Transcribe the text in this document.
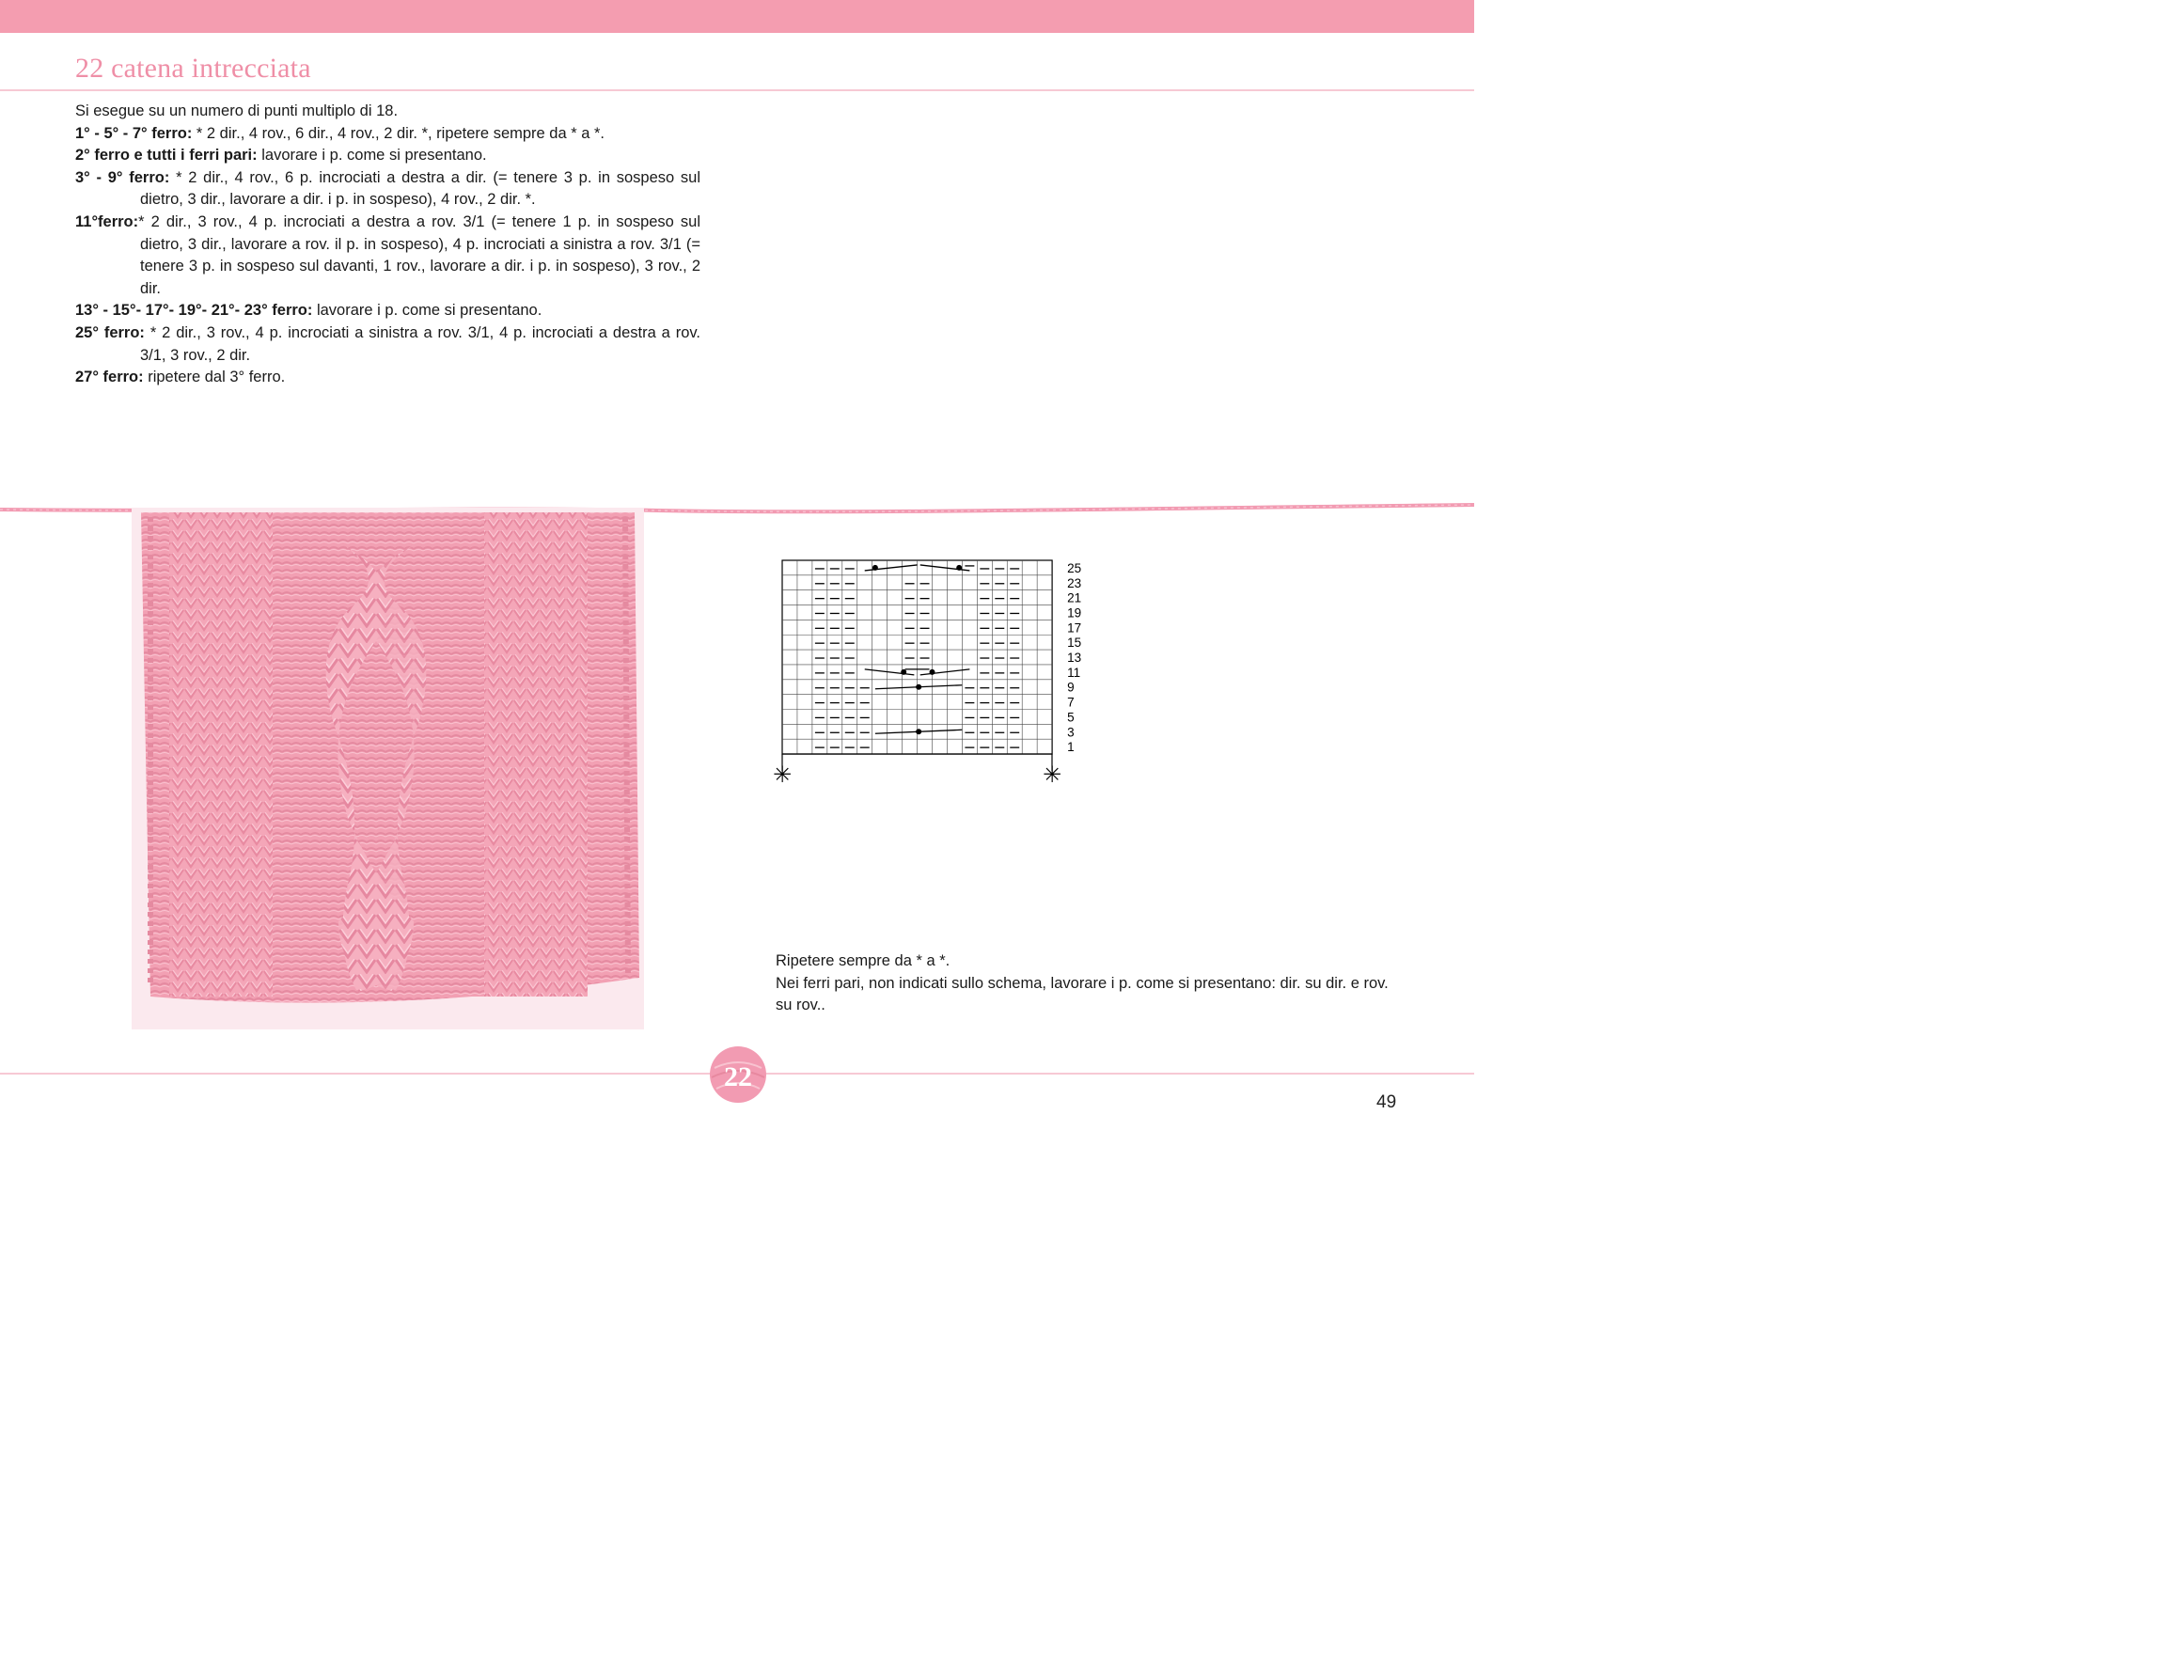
22 catena intrecciata

Si esegue su un numero di punti multiplo di 18.

1° - 5° - 7° ferro: * 2 dir., 4 rov., 6 dir., 4 rov., 2 dir. *, ripetere sempre da * a *.

2° ferro e tutti i ferri pari: lavorare i p. come si presentano.

3° - 9° ferro: * 2 dir., 4 rov., 6 p. incrociati a destra a dir. (= tenere 3 p. in sospeso sul dietro, 3 dir., lavorare a dir. i p. in sospeso), 4 rov., 2 dir. *.

11°ferro:* 2 dir., 3 rov., 4 p. incrociati a destra a rov. 3/1 (= tenere 1 p. in sospeso sul dietro, 3 dir., lavorare a rov. il p. in sospeso), 4 p. incrociati a sinistra a rov. 3/1 (= tenere 3 p. in sospeso sul davanti, 1 rov., lavorare a dir. i p. in sospeso), 3 rov., 2 dir.

13° - 15°- 17°- 19°- 21°- 23° ferro: lavorare i p. come si presentano.

25° ferro: * 2 dir., 3 rov., 4 p. incrociati a sinistra a rov. 3/1, 4 p. incrociati a destra a rov. 3/1, 3 rov., 2 dir.

27° ferro: ripetere dal 3° ferro.

25
23
21
19
17
15
13
11
9
7
5
3
1
✳	✳

Ripetere sempre da * a *.

Nei ferri pari, non indicati sullo schema, lavorare i p. come si presentano: dir. su dir. e rov. su rov..

22
49
